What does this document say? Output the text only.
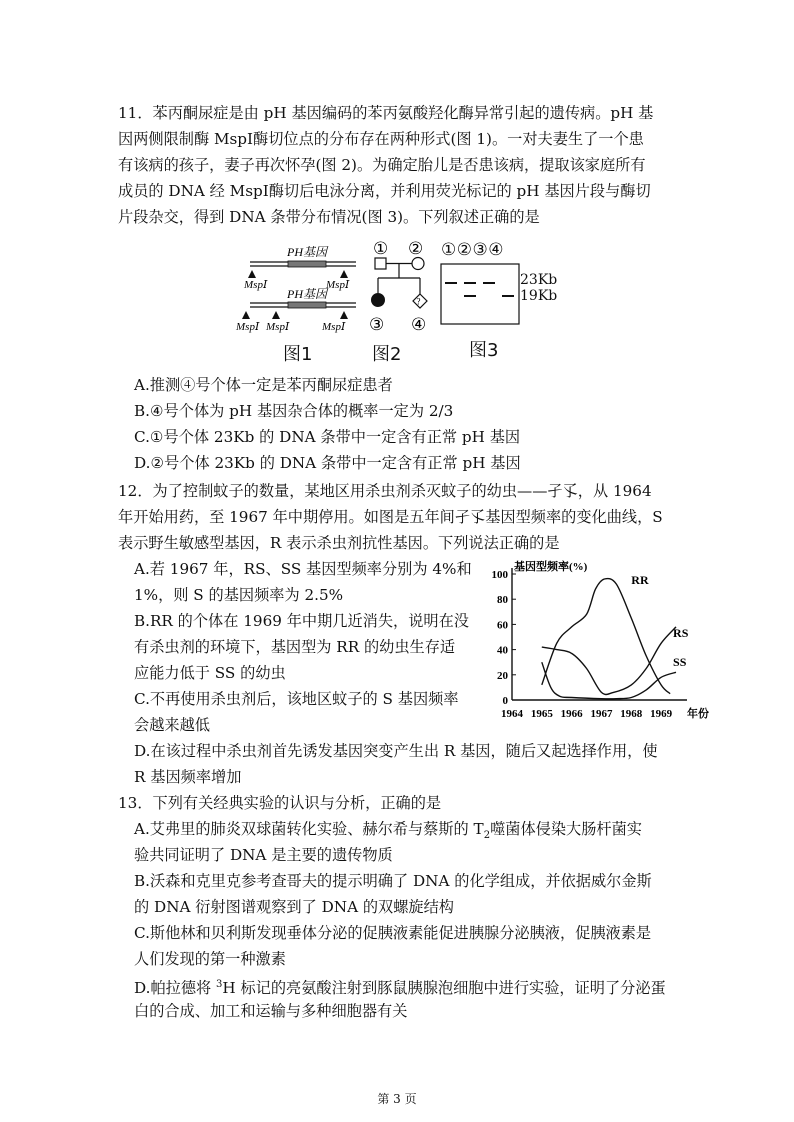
11．苯丙酮尿症是由 pH 基因编码的苯丙氨酸羟化酶异常引起的遗传病。pH 基
因两侧限制酶 MspⅠ酶切位点的分布存在两种形式(图 1)。一对夫妻生了一个患
有该病的孩子，妻子再次怀孕(图 2)。为确定胎儿是否患该病，提取该家庭所有
成员的 DNA 经 MspⅠ酶切后电泳分离，并利用荧光标记的 pH 基因片段与酶切
片段杂交，得到 DNA 条带分布情况(图 3)。下列叙述正确的是
PH基因
MspⅠ	MspⅠ
PH基因
MspⅠ MspⅠ	MspⅠ
图1
① ②
?
③ ④
图2
①②③④
23Kb
19Kb
图3
A.推测④号个体一定是苯丙酮尿症患者
B.④号个体为 pH 基因杂合体的概率一定为 2/3
C.①号个体 23Kb 的 DNA 条带中一定含有正常 pH 基因
D.②号个体 23Kb 的 DNA 条带中一定含有正常 pH 基因
12．为了控制蚊子的数量，某地区用杀虫剂杀灭蚊子的幼虫——孑孓，从 1964
年开始用药，至 1967 年中期停用。如图是五年间孑孓基因型频率的变化曲线，S
表示野生敏感型基因，R 表示杀虫剂抗性基因。下列说法正确的是
A.若 1967 年，RS、SS 基因型频率分别为 4%和
1%，则 S 的基因频率为 2.5%
B.RR 的个体在 1969 年中期几近消失，说明在没
有杀虫剂的环境下，基因型为 RR 的幼虫生存适
应能力低于 SS 的幼虫
C.不再使用杀虫剂后，该地区蚊子的 S 基因频率
会越来越低
基因型频率(%)
0
20
40
60
80
100
1964 1965 1966 1967 1968 1969 年份
RR
RS
SS
D.在该过程中杀虫剂首先诱发基因突变产生出 R 基因，随后又起选择作用，使
R 基因频率增加
13．下列有关经典实验的认识与分析，正确的是
A.艾弗里的肺炎双球菌转化实验、赫尔希与蔡斯的 $T_2$噬菌体侵染大肠杆菌实
验共同证明了 DNA 是主要的遗传物质
B.沃森和克里克参考查哥夫的提示明确了 DNA 的化学组成，并依据威尔金斯
的 DNA 衍射图谱观察到了 DNA 的双螺旋结构
C.斯他林和贝利斯发现垂体分泌的促胰液素能促进胰腺分泌胰液，促胰液素是
人们发现的第一种激素
D.帕拉德将 $^3$H 标记的亮氨酸注射到豚鼠胰腺泡细胞中进行实验，证明了分泌蛋
白的合成、加工和运输与多种细胞器有关
第 3 页
